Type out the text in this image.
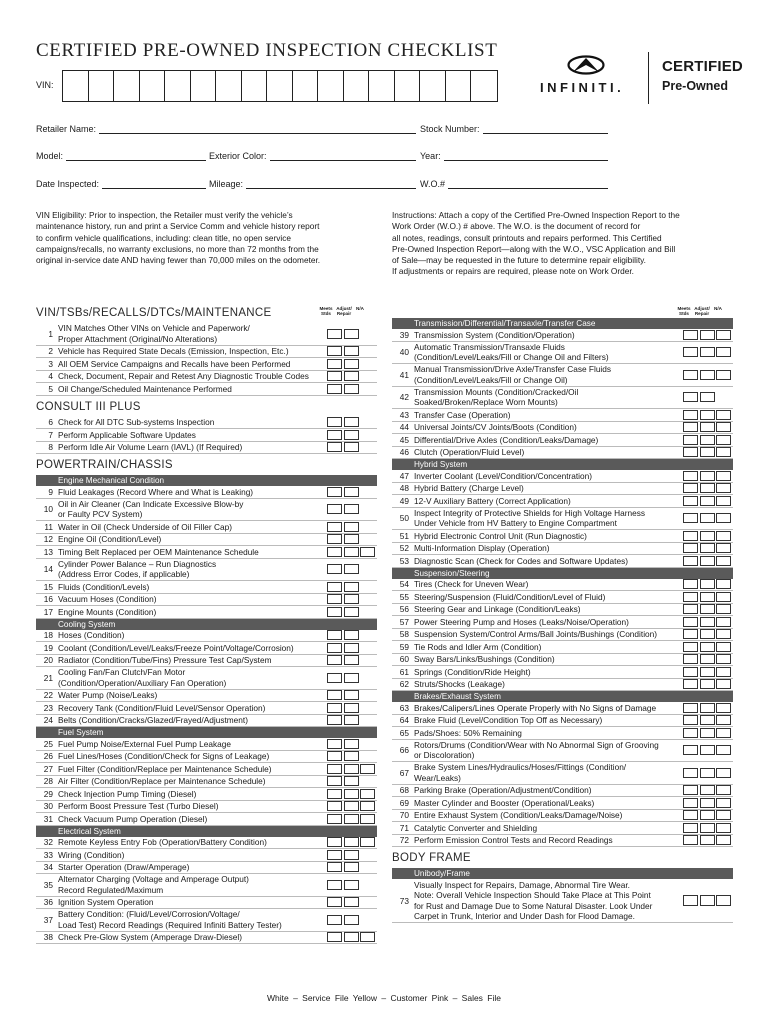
CERTIFIED PRE-OWNED INSPECTION CHECKLIST
VIN:	INFINITI.
CERTIFIED
Pre-Owned
Retailer Name:	Stock Number:
Model:	Exterior Color:	Year:
Date Inspected:	Mileage:	W.O.#
VIN Eligibility: Prior to inspection, the Retailer must verify the vehicle’s
maintenance history, run and print a Service Comm and vehicle history report
to confirm vehicle qualifications, including: clean title, no open service
campaigns/recalls, no warranty exclusions, no more than 72 months from the
original in-service date AND having fewer than 70,000 miles on the odometer.
Instructions: Attach a copy of the Certified Pre-Owned Inspection Report to the
Work Order (W.O.) # above. The W.O. is the document of record for
all notes, readings, consult printouts and repairs performed. This Certified
Pre-Owned Inspection Report—along with the W.O., VSC Application and Bill
of Sale—may be requested in the future to determine repair eligibility.
If adjustments or repairs are required, please note on Work Order.
Meets
Stds
Adjust/
Repair
N/A	Meets
Stds
Adjust/
Repair
N/A
VIN/TSBs/RECALLS/DTCs/MAINTENANCE
1
VIN Matches Other VINs on Vehicle and Paperwork/
Proper Attachment (Original/No Alterations)
2 Vehicle has Required State Decals (Emission, Inspection, Etc.)
3 All OEM Service Campaigns and Recalls have been Performed
4 Check, Document, Repair and Retest Any Diagnostic Trouble Codes
5 Oil Change/Scheduled Maintenance Performed
CONSULT III PLUS
6 Check for All DTC Sub-systems Inspection
7 Perform Applicable Software Updates
8 Perform Idle Air Volume Learn (IAVL) (If Required)
POWERTRAIN/CHASSIS
Engine Mechanical Condition
9 Fluid Leakages (Record Where and What is Leaking)
10
Oil in Air Cleaner (Can Indicate Excessive Blow-by
or Faulty PCV System)
11 Water in Oil (Check Underside of Oil Filler Cap)
12 Engine Oil (Condition/Level)
13 Timing Belt Replaced per OEM Maintenance Schedule
14
Cylinder Power Balance – Run Diagnostics
(Address Error Codes, if applicable)
15 Fluids (Condition/Levels)
16 Vacuum Hoses (Condition)
17 Engine Mounts (Condition)
Cooling System
18 Hoses (Condition)
19 Coolant (Condition/Level/Leaks/Freeze Point/Voltage/Corrosion)
20 Radiator (Condition/Tube/Fins) Pressure Test Cap/System
21
Cooling Fan/Fan Clutch/Fan Motor
(Condition/Operation/Auxiliary Fan Operation)
22 Water Pump (Noise/Leaks)
23 Recovery Tank (Condition/Fluid Level/Sensor Operation)
24 Belts (Condition/Cracks/Glazed/Frayed/Adjustment)
Fuel System
25 Fuel Pump Noise/External Fuel Pump Leakage
26 Fuel Lines/Hoses (Condition/Check for Signs of Leakage)
27 Fuel Filter (Condition/Replace per Maintenance Schedule)
28 Air Filter (Condition/Replace per Maintenance Schedule)
29 Check Injection Pump Timing (Diesel)
30 Perform Boost Pressure Test (Turbo Diesel)
31 Check Vacuum Pump Operation (Diesel)
Electrical System
32 Remote Keyless Entry Fob (Operation/Battery Condition)
33 Wiring (Condition)
34 Starter Operation (Draw/Amperage)
35
Alternator Charging (Voltage and Amperage Output)
Record Regulated/Maximum
36 Ignition System Operation
37
Battery Condition: (Fluid/Level/Corrosion/Voltage/
Load Test) Record Readings (Required Infiniti Battery Tester)
38 Check Pre-Glow System (Amperage Draw-Diesel)
Transmission/Differential/Transaxle/Transfer Case
39 Transmission System (Condition/Operation)
40
Automatic Transmission/Transaxle Fluids
(Condition/Level/Leaks/Fill or Change Oil and Filters)
41
Manual Transmission/Drive Axle/Transfer Case Fluids
(Condition/Level/Leaks/Fill or Change Oil)
42
Transmission Mounts (Condition/Cracked/Oil
Soaked/Broken/Replace Worn Mounts)
43 Transfer Case (Operation)
44 Universal Joints/CV Joints/Boots (Condition)
45 Differential/Drive Axles (Condition/Leaks/Damage)
46 Clutch (Operation/Fluid Level)
Hybrid System
47 Inverter Coolant (Level/Condition/Concentration)
48 Hybrid Battery (Charge Level)
49 12-V Auxiliary Battery (Correct Application)
50
Inspect Integrity of Protective Shields for High Voltage Harness
Under Vehicle from HV Battery to Engine Compartment
51 Hybrid Electronic Control Unit (Run Diagnostic)
52 Multi-Information Display (Operation)
53 Diagnostic Scan (Check for Codes and Software Updates)
Suspension/Steering
54 Tires (Check for Uneven Wear)
55 Steering/Suspension (Fluid/Condition/Level of Fluid)
56 Steering Gear and Linkage (Condition/Leaks)
57 Power Steering Pump and Hoses (Leaks/Noise/Operation)
58 Suspension System/Control Arms/Ball Joints/Bushings (Condition)
59 Tie Rods and Idler Arm (Condition)
60 Sway Bars/Links/Bushings (Condition)
61 Springs (Condition/Ride Height)
62 Struts/Shocks (Leakage)
Brakes/Exhaust System
63 Brakes/Calipers/Lines Operate Properly with No Signs of Damage
64 Brake Fluid (Level/Condition Top Off as Necessary)
65 Pads/Shoes: 50% Remaining
66
Rotors/Drums (Condition/Wear with No Abnormal Sign of Grooving
or Discoloration)
67
Brake System Lines/Hydraulics/Hoses/Fittings (Condition/
Wear/Leaks)
68 Parking Brake (Operation/Adjustment/Condition)
69 Master Cylinder and Booster (Operational/Leaks)
70 Entire Exhaust System (Condition/Leaks/Damage/Noise)
71 Catalytic Converter and Shielding
72 Perform Emission Control Tests and Record Readings
BODY FRAME
Unibody/Frame
73
Visually Inspect for Repairs, Damage, Abnormal Tire Wear.
Note: Overall Vehicle Inspection Should Take Place at This Point
for Rust and Damage Due to Some Natural Disaster. Look Under
Carpet in Trunk, Interior and Under Dash for Flood Damage.
White – Service File Yellow – Customer Pink – Sales File
